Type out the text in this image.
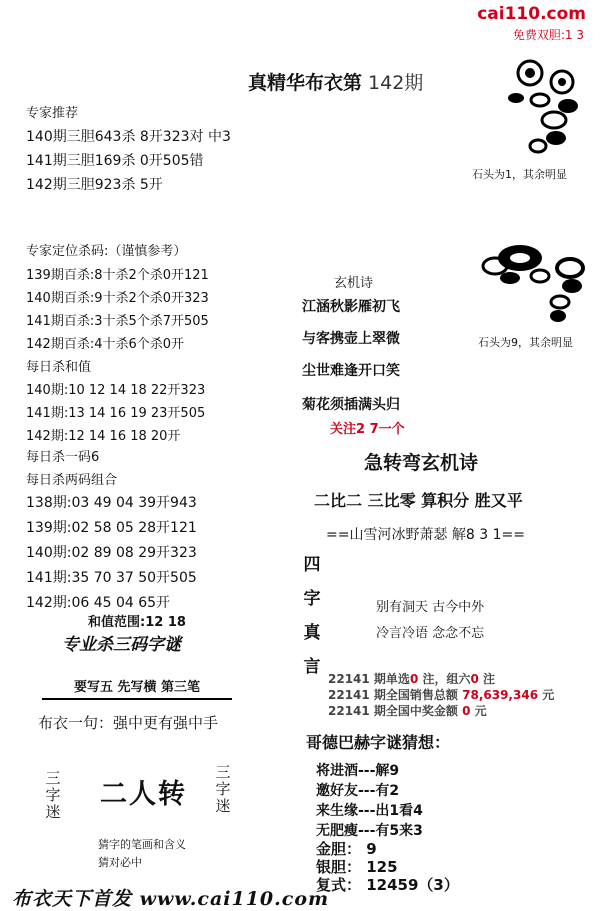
cai110.com
免费双胆:1 3
真精华布衣第 142期
专家推荐
140期三胆643杀 8开323对 中3
141期三胆169杀 0开505错
142期三胆923杀 5开
石头为1，其余明显
专家定位杀码:（谨慎参考）
139期百杀:8十杀2个杀0开121
140期百杀:9十杀2个杀0开323
141期百杀:3十杀5个杀7开505
142期百杀:4十杀6个杀0开
每日杀和值
140期:10 12 14 18 22开323
141期:13 14 16 19 23开505
142期:12 14 16 18 20开
每日杀一码6
每日杀两码组合
138期:03 49 04 39开943
139期:02 58 05 28开121
140期:02 89 08 29开323
141期:35 70 37 50开505
142期:06 45 04 65开
和值范围:12 18
专业杀三码字谜
要写五 先写横 第三笔
布衣一句：强中更有强中手
三字迷
二人转
三字迷
猜字的笔画和含义
猜对必中
玄机诗
江涵秋影雁初飞
与客携壶上翠微
尘世难逢开口笑
菊花须插满头归
关注2 7一个
石头为9，其余明显
急转弯玄机诗
二比二 三比零 算积分 胜又平
==山雪河冰野萧瑟 解8 3 1==
四
字
真
言
别有洞天 古今中外
冷言冷语 念念不忘
22141 期单选0 注，组六0 注
22141 期全国销售总额 78,639,346 元
22141 期全国中奖金额 0 元
哥德巴赫字谜猜想：
将进酒---解9
邀好友---有2
来生缘---出1看4
无肥瘦---有5来3
金胆： 9
银胆： 125
复式： 12459（3）
布衣天下首发 www.cai110.com
